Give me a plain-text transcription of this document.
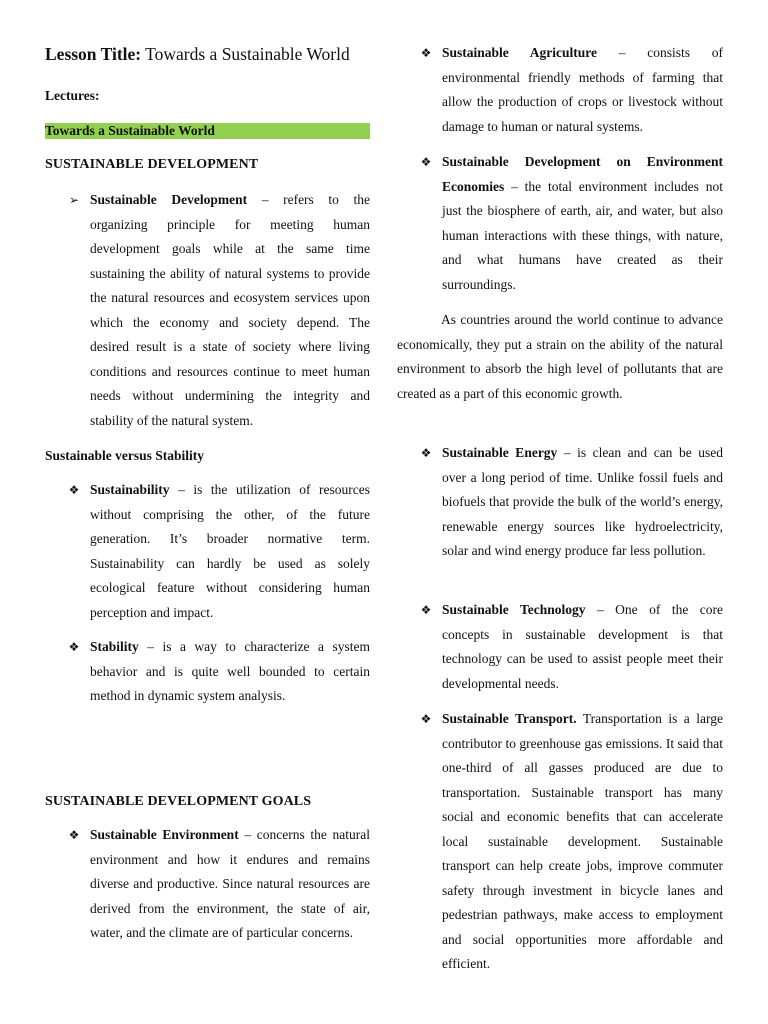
Lesson Title: Towards a Sustainable World
Lectures:
Towards a Sustainable World
SUSTAINABLE DEVELOPMENT
➢ Sustainable Development – refers to the organizing principle for meeting human development goals while at the same time sustaining the ability of natural systems to provide the natural resources and ecosystem services upon which the economy and society depend. The desired result is a state of society where living conditions and resources continue to meet human needs without undermining the integrity and stability of the natural system.
Sustainable versus Stability
❖ Sustainability – is the utilization of resources without comprising the other, of the future generation. It’s broader normative term. Sustainability can hardly be used as solely ecological feature without considering human perception and impact.
❖ Stability – is a way to characterize a system behavior and is quite well bounded to certain method in dynamic system analysis.
SUSTAINABLE DEVELOPMENT GOALS
❖ Sustainable Environment – concerns the natural environment and how it endures and remains diverse and productive. Since natural resources are derived from the environment, the state of air, water, and the climate are of particular concerns.
❖ Sustainable Agriculture – consists of environmental friendly methods of farming that allow the production of crops or livestock without damage to human or natural systems.
❖ Sustainable Development on Environment Economies – the total environment includes not just the biosphere of earth, air, and water, but also human interactions with these things, with nature, and what humans have created as their surroundings.
As countries around the world continue to advance economically, they put a strain on the ability of the natural environment to absorb the high level of pollutants that are created as a part of this economic growth.
❖ Sustainable Energy – is clean and can be used over a long period of time. Unlike fossil fuels and biofuels that provide the bulk of the world’s energy, renewable energy sources like hydroelectricity, solar and wind energy produce far less pollution.
❖ Sustainable Technology – One of the core concepts in sustainable development is that technology can be used to assist people meet their developmental needs.
❖ Sustainable Transport. Transportation is a large contributor to greenhouse gas emissions. It said that one-third of all gasses produced are due to transportation. Sustainable transport has many social and economic benefits that can accelerate local sustainable development. Sustainable transport can help create jobs, improve commuter safety through investment in bicycle lanes and pedestrian pathways, make access to employment and social opportunities more affordable and efficient.
